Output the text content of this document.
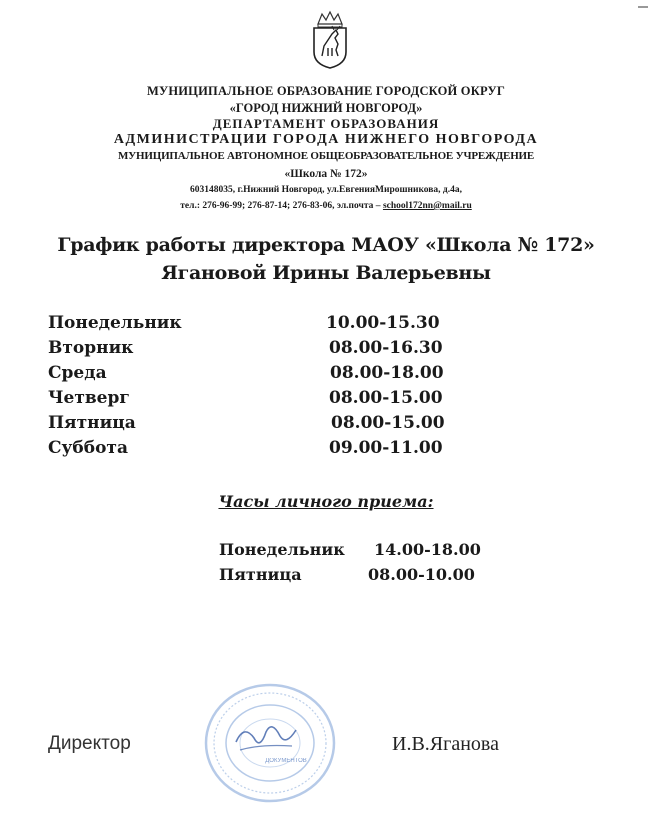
МУНИЦИПАЛЬНОЕ ОБРАЗОВАНИЕ ГОРОДСКОЙ ОКРУГ
«ГОРОД НИЖНИЙ НОВГОРОД»
ДЕПАРТАМЕНТ ОБРАЗОВАНИЯ
АДМИНИСТРАЦИИ ГОРОДА НИЖНЕГО НОВГОРОДА
МУНИЦИПАЛЬНОЕ АВТОНОМНОЕ ОБЩЕОБРАЗОВАТЕЛЬНОЕ УЧРЕЖДЕНИЕ
«Школа № 172»
603148035, г.Нижний Новгород, ул.ЕвгенияМирошникова, д.4а,
тел.: 276-96-99; 276-87-14; 276-83-06, эл.почта – school172nn@mail.ru
График работы директора МАОУ «Школа № 172»
Ягановой Ирины Валерьевны
Понедельник	10.00-15.30
Вторник	08.00-16.30
Среда	08.00-18.00
Четверг	08.00-15.00
Пятница	08.00-15.00
Суббота	09.00-11.00
Часы личного приема:
Понедельник 14.00-18.00
Пятница	08.00-10.00
ДОКУМЕНТОВ
Директор	И.В.Яганова
